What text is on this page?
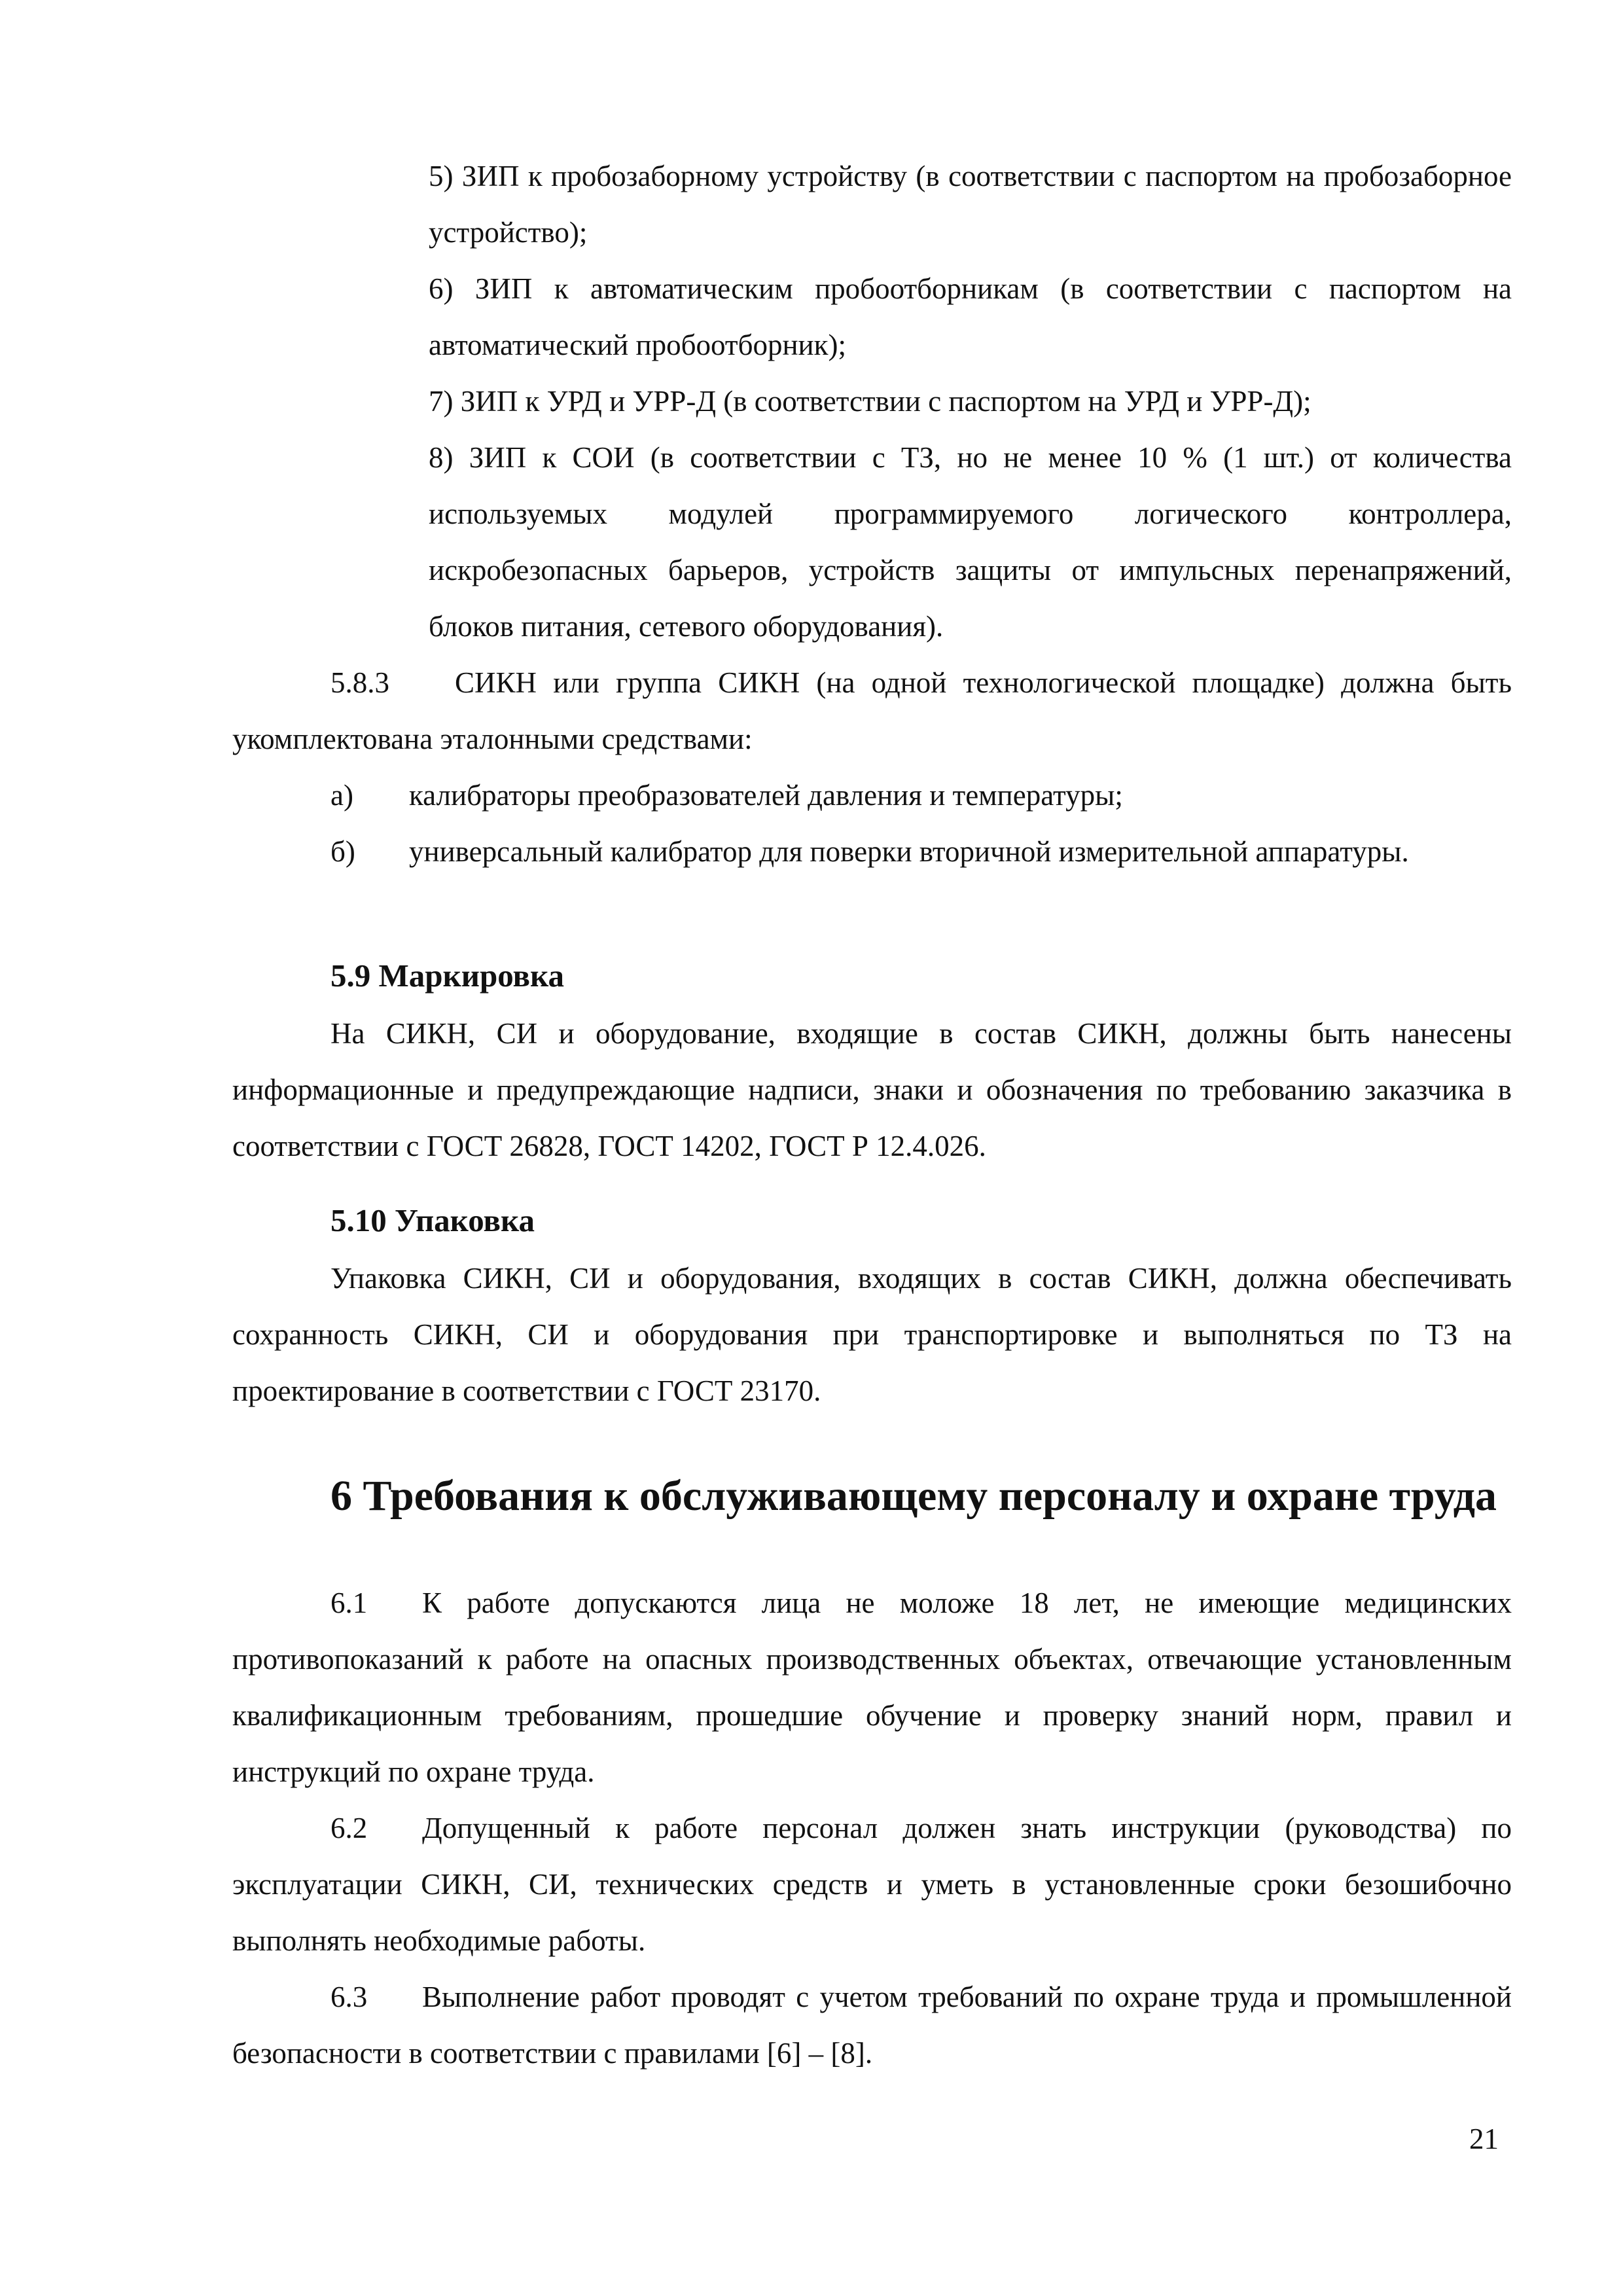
5) ЗИП к пробозаборному устройству (в соответствии с паспортом на пробозаборное устройство);

6) ЗИП к автоматическим пробоотборникам (в соответствии с паспортом на автоматический пробоотборник);

7) ЗИП к УРД и УРР-Д (в соответствии с паспортом на УРД и УРР-Д);

8) ЗИП к СОИ (в соответствии с ТЗ, но не менее 10 % (1 шт.) от количества используемых модулей программируемого логического контроллера, искробезопасных барьеров, устройств защиты от импульсных перенапряжений, блоков питания, сетевого оборудования).

5.8.3 СИКН или группа СИКН (на одной технологической площадке) должна быть укомплектована эталонными средствами:

а) калибраторы преобразователей давления и температуры;

б) универсальный калибратор для поверки вторичной измерительной аппаратуры.

5.9 Маркировка

На СИКН, СИ и оборудование, входящие в состав СИКН, должны быть нанесены информационные и предупреждающие надписи, знаки и обозначения по требованию заказчика в соответствии с ГОСТ 26828, ГОСТ 14202, ГОСТ Р 12.4.026.

5.10 Упаковка

Упаковка СИКН, СИ и оборудования, входящих в состав СИКН, должна обеспечивать сохранность СИКН, СИ и оборудования при транспортировке и выполняться по ТЗ на проектирование в соответствии с ГОСТ 23170.

6 Требования к обслуживающему персоналу и охране труда

6.1 К работе допускаются лица не моложе 18 лет, не имеющие медицинских противопоказаний к работе на опасных производственных объектах, отвечающие установленным квалификационным требованиям, прошедшие обучение и проверку знаний норм, правил и инструкций по охране труда.

6.2 Допущенный к работе персонал должен знать инструкции (руководства) по эксплуатации СИКН, СИ, технических средств и уметь в установленные сроки безошибочно выполнять необходимые работы.

6.3 Выполнение работ проводят с учетом требований по охране труда и промышленной безопасности в соответствии с правилами [6] – [8].

21
